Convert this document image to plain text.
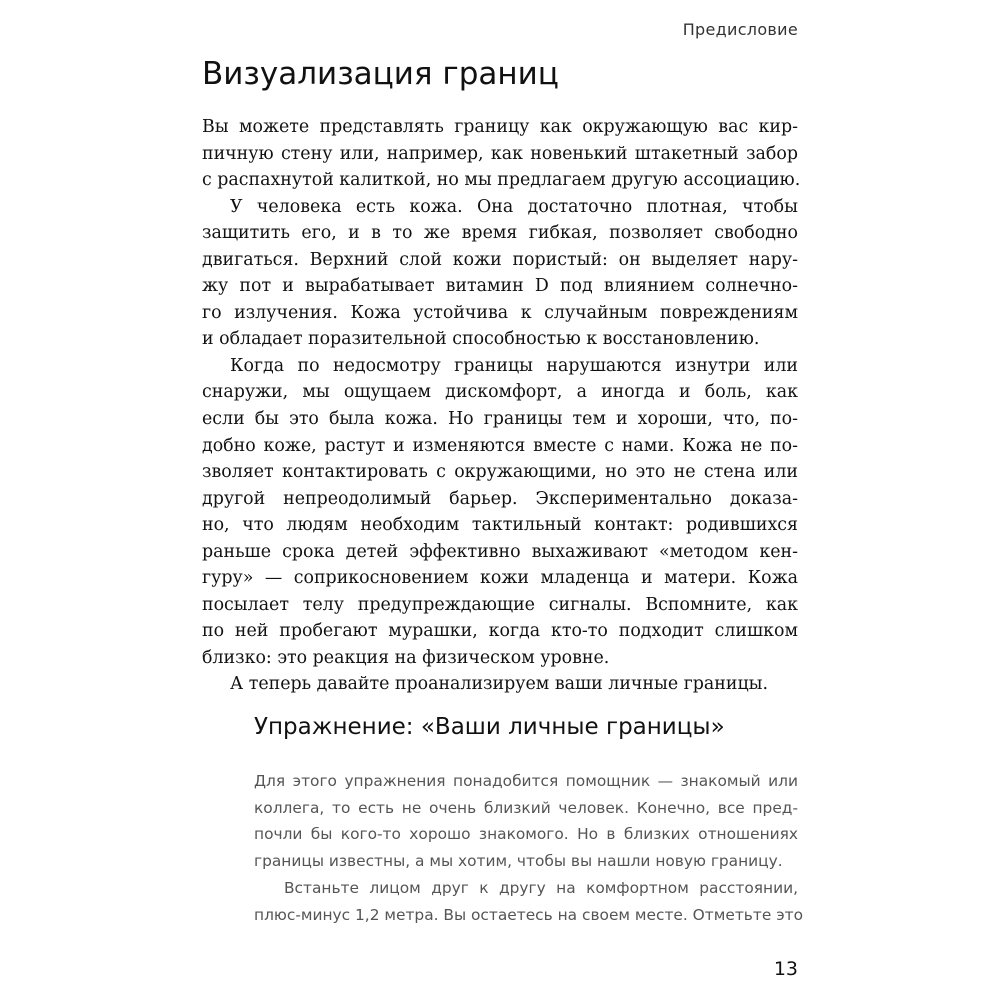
Предисловие
Визуализация границ
Вы можете представлять границу как окружающую вас кир-
пичную стену или, например, как новенький штакетный забор
с распахнутой калиткой, но мы предлагаем другую ассоциацию.
У человека есть кожа. Она достаточно плотная, чтобы
защитить его, и в то же время гибкая, позволяет свободно
двигаться. Верхний слой кожи пористый: он выделяет нару-
жу пот и вырабатывает витамин D под влиянием солнечно-
го излучения. Кожа устойчива к случайным повреждениям
и обладает поразительной способностью к восстановлению.
Когда по недосмотру границы нарушаются изнутри или
снаружи, мы ощущаем дискомфорт, а иногда и боль, как
если бы это была кожа. Но границы тем и хороши, что, по-
добно коже, растут и изменяются вместе с нами. Кожа не по-
зволяет контактировать с окружающими, но это не стена или
другой непреодолимый барьер. Экспериментально доказа-
но, что людям необходим тактильный контакт: родившихся
раньше срока детей эффективно выхаживают «методом кен-
гуру» — соприкосновением кожи младенца и матери. Кожа
посылает телу предупреждающие сигналы. Вспомните, как
по ней пробегают мурашки, когда кто-то подходит слишком
близко: это реакция на физическом уровне.
А теперь давайте проанализируем ваши личные границы.
Упражнение: «Ваши личные границы»
Для этого упражнения понадобится помощник — знакомый или
коллега, то есть не очень близкий человек. Конечно, все пред-
почли бы кого-то хорошо знакомого. Но в близких отношениях
границы известны, а мы хотим, чтобы вы нашли новую границу.
Встаньте лицом друг к другу на комфортном расстоянии,
плюс-минус 1,2 метра. Вы остаетесь на своем месте. Отметьте это
13
